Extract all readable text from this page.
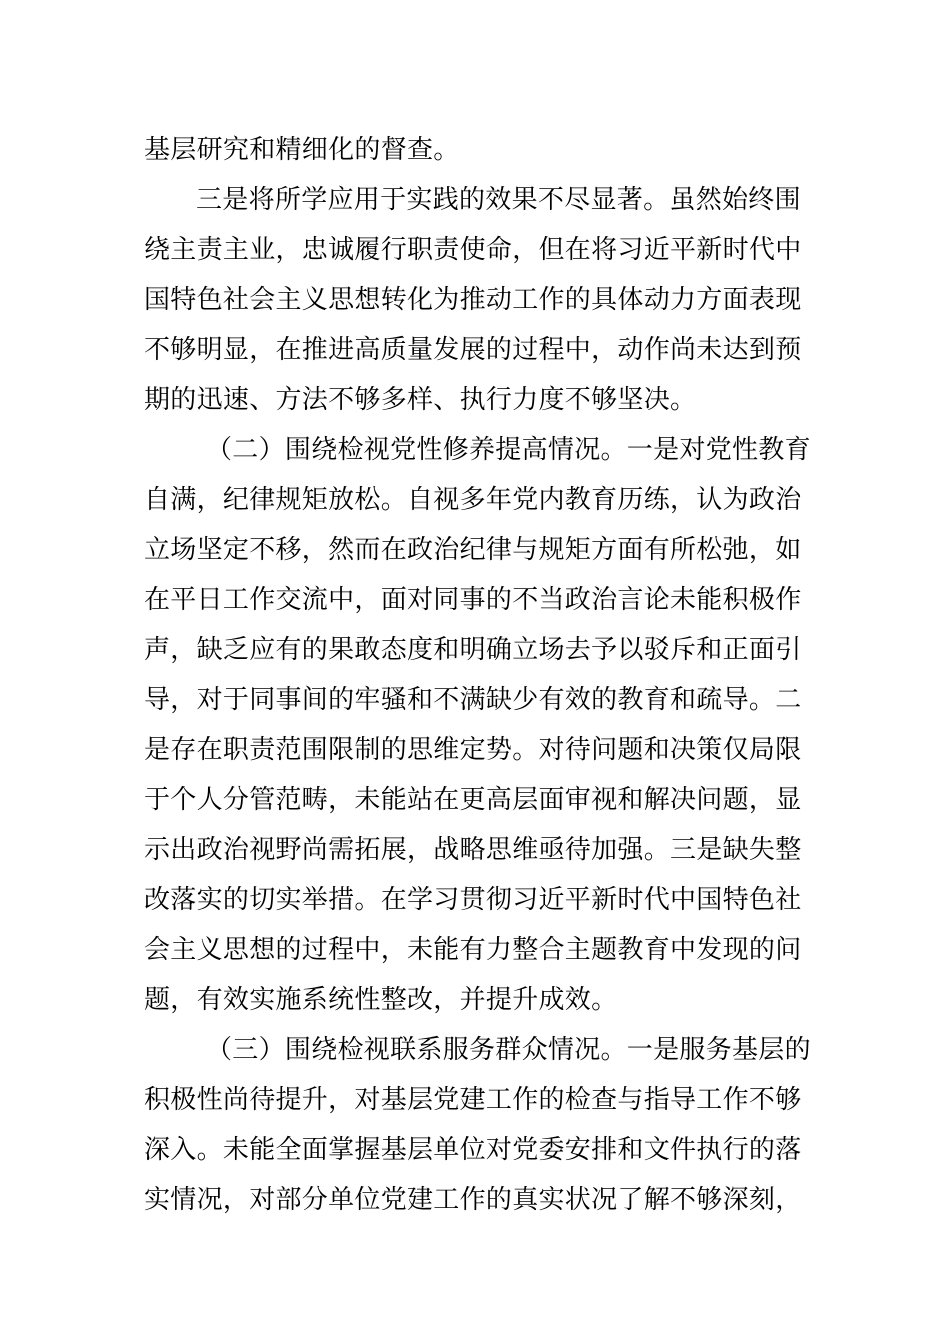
基层研究和精细化的督查。
三是将所学应用于实践的效果不尽显著。虽然始终围
绕主责主业，忠诚履行职责使命，但在将习近平新时代中
国特色社会主义思想转化为推动工作的具体动力方面表现
不够明显，在推进高质量发展的过程中，动作尚未达到预
期的迅速、方法不够多样、执行力度不够坚决。
（二）围绕检视党性修养提高情况。一是对党性教育
自满，纪律规矩放松。自视多年党内教育历练，认为政治
立场坚定不移，然而在政治纪律与规矩方面有所松弛，如
在平日工作交流中，面对同事的不当政治言论未能积极作
声，缺乏应有的果敢态度和明确立场去予以驳斥和正面引
导，对于同事间的牢骚和不满缺少有效的教育和疏导。二
是存在职责范围限制的思维定势。对待问题和决策仅局限
于个人分管范畴，未能站在更高层面审视和解决问题，显
示出政治视野尚需拓展，战略思维亟待加强。三是缺失整
改落实的切实举措。在学习贯彻习近平新时代中国特色社
会主义思想的过程中，未能有力整合主题教育中发现的问
题，有效实施系统性整改，并提升成效。
（三）围绕检视联系服务群众情况。一是服务基层的
积极性尚待提升，对基层党建工作的检查与指导工作不够
深入。未能全面掌握基层单位对党委安排和文件执行的落
实情况，对部分单位党建工作的真实状况了解不够深刻，
